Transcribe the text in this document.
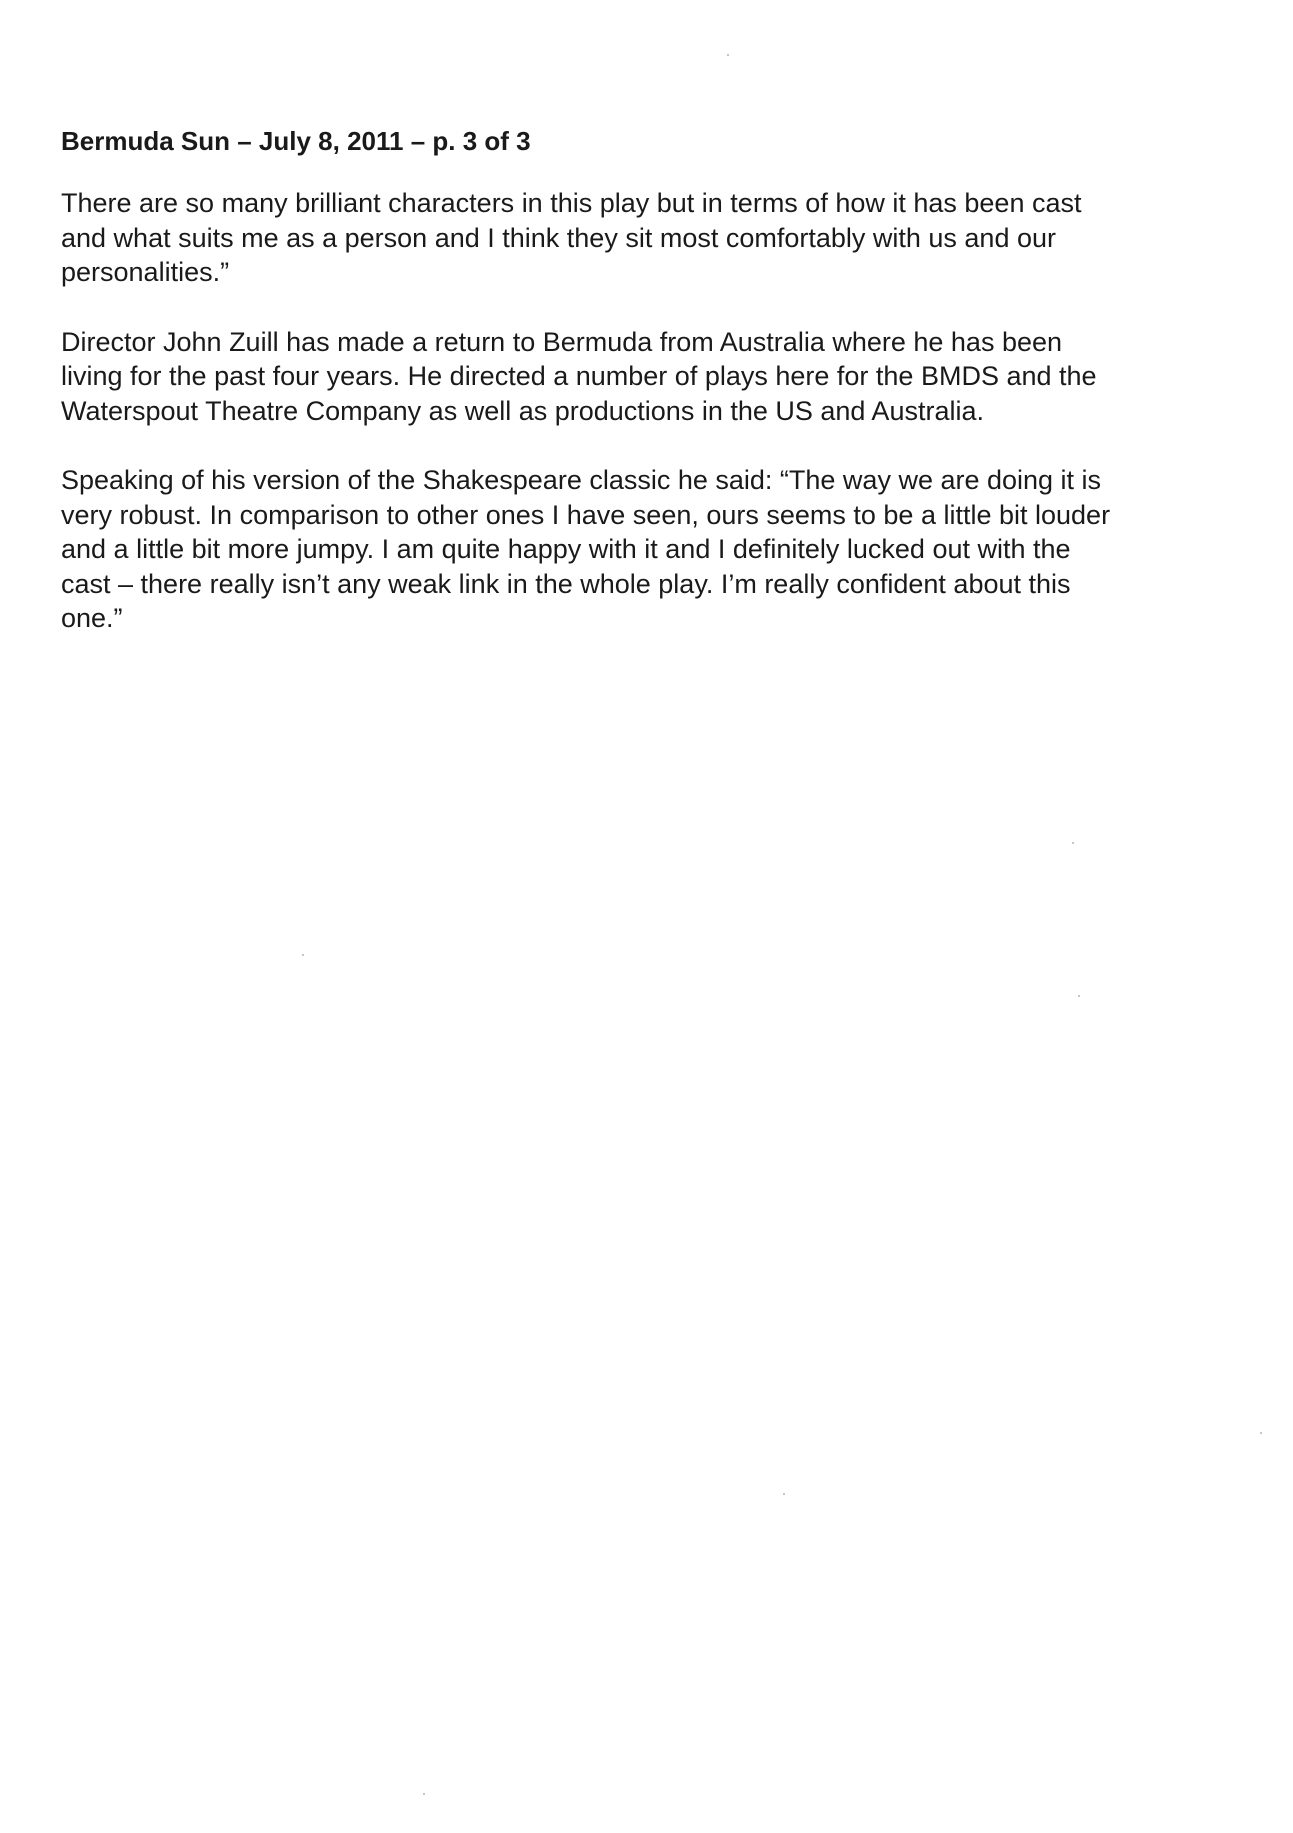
Bermuda Sun – July 8, 2011 – p. 3 of 3
There are so many brilliant characters in this play but in terms of how it has been cast
and what suits me as a person and I think they sit most comfortably with us and our
personalities.”
Director John Zuill has made a return to Bermuda from Australia where he has been
living for the past four years. He directed a number of plays here for the BMDS and the
Waterspout Theatre Company as well as productions in the US and Australia.
Speaking of his version of the Shakespeare classic he said: “The way we are doing it is
very robust. In comparison to other ones I have seen, ours seems to be a little bit louder
and a little bit more jumpy. I am quite happy with it and I definitely lucked out with the
cast – there really isn’t any weak link in the whole play. I’m really confident about this
one.”
